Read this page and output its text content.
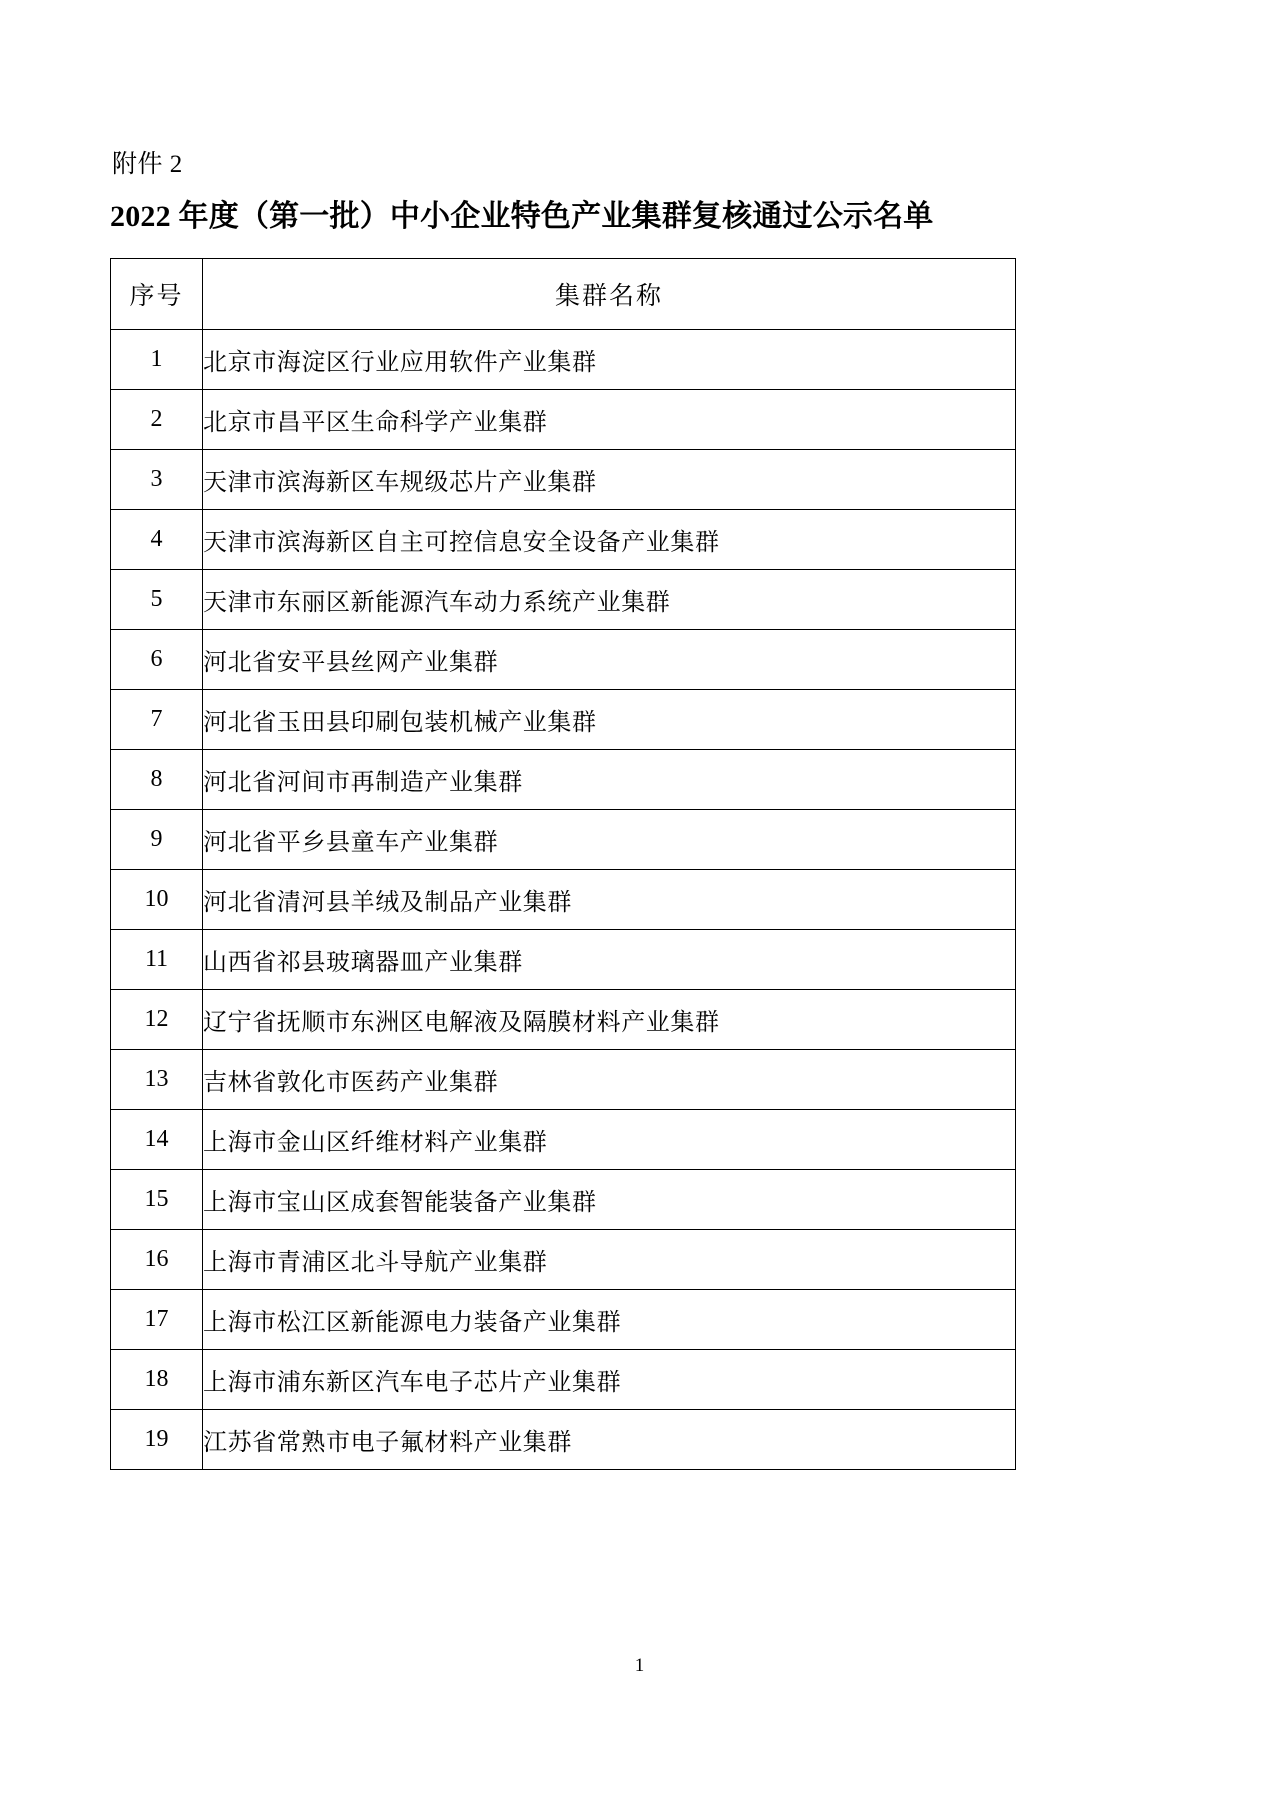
附件 2
2022 年度（第一批）中小企业特色产业集群复核通过公示名单
序号	集群名称
1	北京市海淀区行业应用软件产业集群
2	北京市昌平区生命科学产业集群
3	天津市滨海新区车规级芯片产业集群
4	天津市滨海新区自主可控信息安全设备产业集群
5	天津市东丽区新能源汽车动力系统产业集群
6	河北省安平县丝网产业集群
7	河北省玉田县印刷包装机械产业集群
8	河北省河间市再制造产业集群
9	河北省平乡县童车产业集群
10	河北省清河县羊绒及制品产业集群
11	山西省祁县玻璃器皿产业集群
12	辽宁省抚顺市东洲区电解液及隔膜材料产业集群
13	吉林省敦化市医药产业集群
14	上海市金山区纤维材料产业集群
15	上海市宝山区成套智能装备产业集群
16	上海市青浦区北斗导航产业集群
17	上海市松江区新能源电力装备产业集群
18	上海市浦东新区汽车电子芯片产业集群
19	江苏省常熟市电子氟材料产业集群
1
